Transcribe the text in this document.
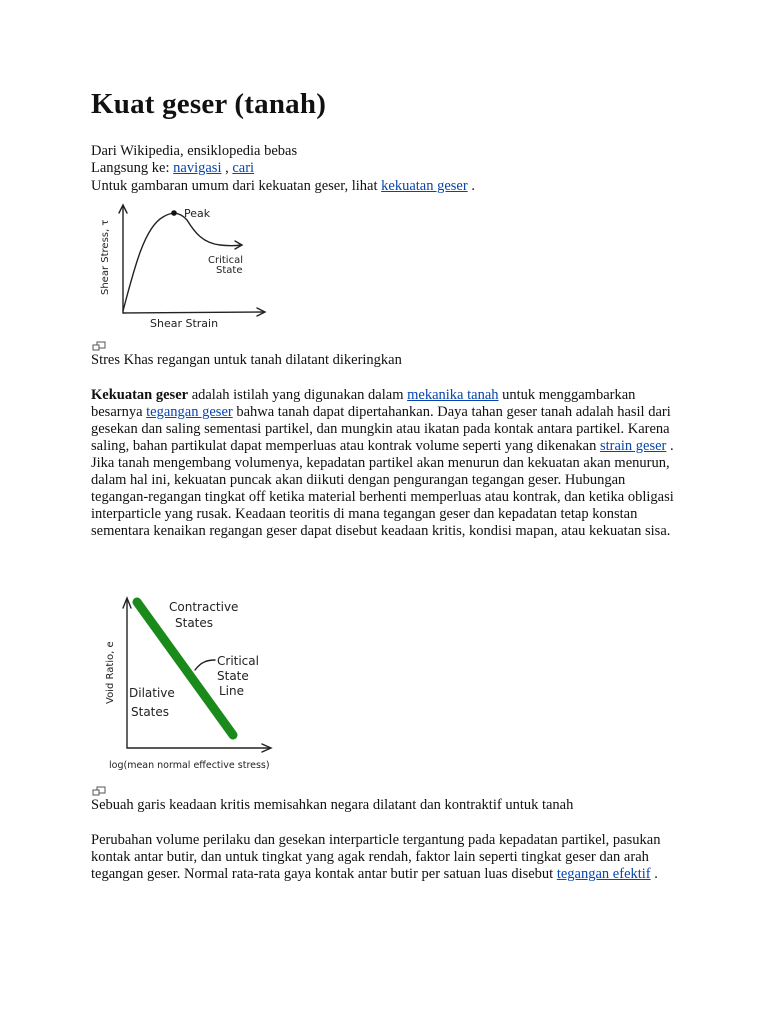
Kuat geser (tanah)
Dari Wikipedia, ensiklopedia bebas
Langsung ke: navigasi , cari
Untuk gambaran umum dari kekuatan geser, lihat kekuatan geser .
Peak
Critical
State
Shear Strain
Shear Stress, τ
Stres Khas regangan untuk tanah dilatant dikeringkan

Kekuatan geser adalah istilah yang digunakan dalam mekanika tanah untuk menggambarkan besarnya tegangan geser bahwa tanah dapat dipertahankan. Daya tahan geser tanah adalah hasil dari gesekan dan saling sementasi partikel, dan mungkin atau ikatan pada kontak antara partikel. Karena saling, bahan partikulat dapat memperluas atau kontrak volume seperti yang dikenakan strain geser . Jika tanah mengembang volumenya, kepadatan partikel akan menurun dan kekuatan akan menurun, dalam hal ini, kekuatan puncak akan diikuti dengan pengurangan tegangan geser. Hubungan tegangan-regangan tingkat off ketika material berhenti memperluas atau kontrak, dan ketika obligasi interparticle yang rusak. Keadaan teoritis di mana tegangan geser dan kepadatan tetap konstan sementara kenaikan regangan geser dapat disebut keadaan kritis, kondisi mapan, atau kekuatan sisa.

Contractive
States
Critical
State
Line
Dilative
States
log(mean normal effective stress)
Void Ratio, e
Sebuah garis keadaan kritis memisahkan negara dilatant dan kontraktif untuk tanah

Perubahan volume perilaku dan gesekan interparticle tergantung pada kepadatan partikel, pasukan kontak antar butir, dan untuk tingkat yang agak rendah, faktor lain seperti tingkat geser dan arah tegangan geser. Normal rata-rata gaya kontak antar butir per satuan luas disebut tegangan efektif .
